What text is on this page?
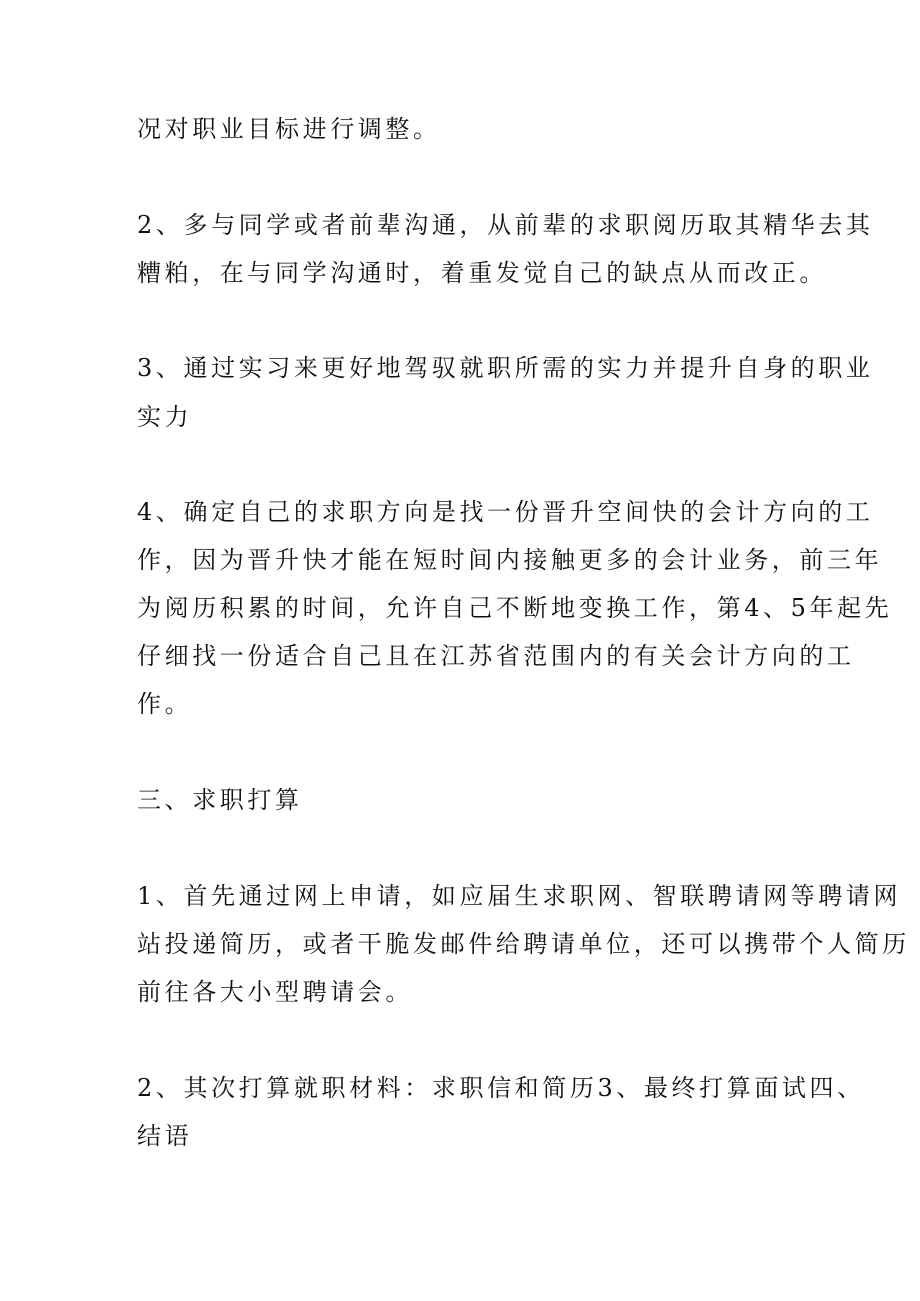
况对职业目标进行调整。
2、多与同学或者前辈沟通，从前辈的求职阅历取其精华去其
糟粕，在与同学沟通时，着重发觉自己的缺点从而改正。
3、通过实习来更好地驾驭就职所需的实力并提升自身的职业
实力
4、确定自己的求职方向是找一份晋升空间快的会计方向的工
作，因为晋升快才能在短时间内接触更多的会计业务，前三年
为阅历积累的时间，允许自己不断地变换工作，第4、5年起先
仔细找一份适合自己且在江苏省范围内的有关会计方向的工
作。
三、求职打算
1、首先通过网上申请，如应届生求职网、智联聘请网等聘请网
站投递简历，或者干脆发邮件给聘请单位，还可以携带个人简历
前往各大小型聘请会。
2、其次打算就职材料：求职信和简历3、最终打算面试四、
结语
